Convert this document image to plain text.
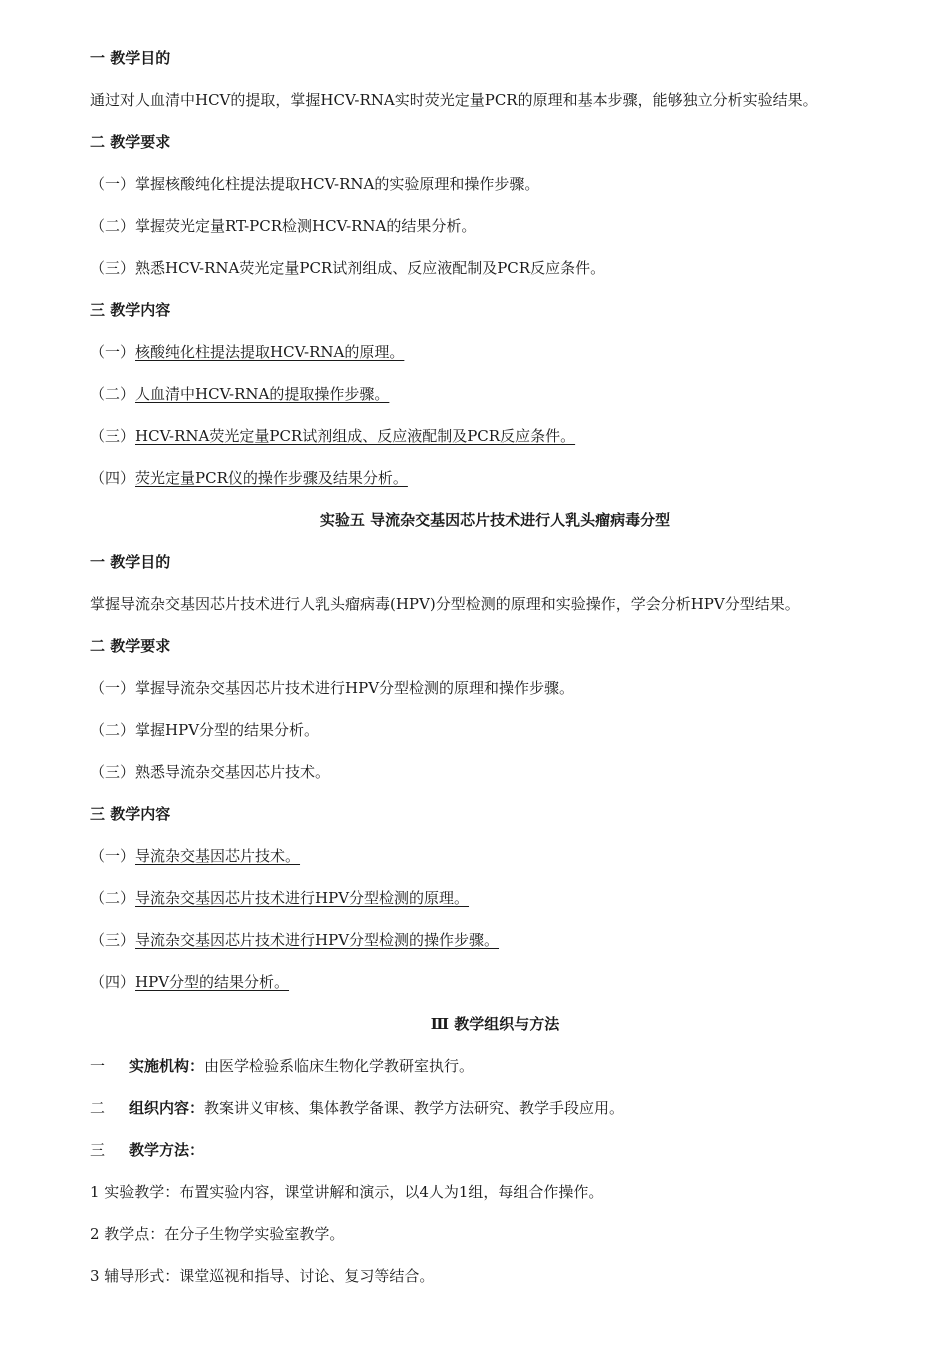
一 教学目的
通过对人血清中HCV的提取，掌握HCV-RNA实时荧光定量PCR的原理和基本步骤，能够独立分析实验结果。
二 教学要求
（一）掌握核酸纯化柱提法提取HCV-RNA的实验原理和操作步骤。
（二）掌握荧光定量RT-PCR检测HCV-RNA的结果分析。
（三）熟悉HCV-RNA荧光定量PCR试剂组成、反应液配制及PCR反应条件。
三 教学内容
（一）核酸纯化柱提法提取HCV-RNA的原理。
（二）人血清中HCV-RNA的提取操作步骤。
（三）HCV-RNA荧光定量PCR试剂组成、反应液配制及PCR反应条件。
（四）荧光定量PCR仪的操作步骤及结果分析。
实验五 导流杂交基因芯片技术进行人乳头瘤病毒分型
一 教学目的
掌握导流杂交基因芯片技术进行人乳头瘤病毒(HPV)分型检测的原理和实验操作，学会分析HPV分型结果。
二 教学要求
（一）掌握导流杂交基因芯片技术进行HPV分型检测的原理和操作步骤。
（二）掌握HPV分型的结果分析。
（三）熟悉导流杂交基因芯片技术。
三 教学内容
（一）导流杂交基因芯片技术。
（二）导流杂交基因芯片技术进行HPV分型检测的原理。
（三）导流杂交基因芯片技术进行HPV分型检测的操作步骤。
（四）HPV分型的结果分析。
Ⅲ 教学组织与方法
一 实施机构：由医学检验系临床生物化学教研室执行。
二 组织内容：教案讲义审核、集体教学备课、教学方法研究、教学手段应用。
三 教学方法：
1 实验教学：布置实验内容，课堂讲解和演示，以4人为1组，每组合作操作。
2 教学点：在分子生物学实验室教学。
3 辅导形式：课堂巡视和指导、讨论、复习等结合。
